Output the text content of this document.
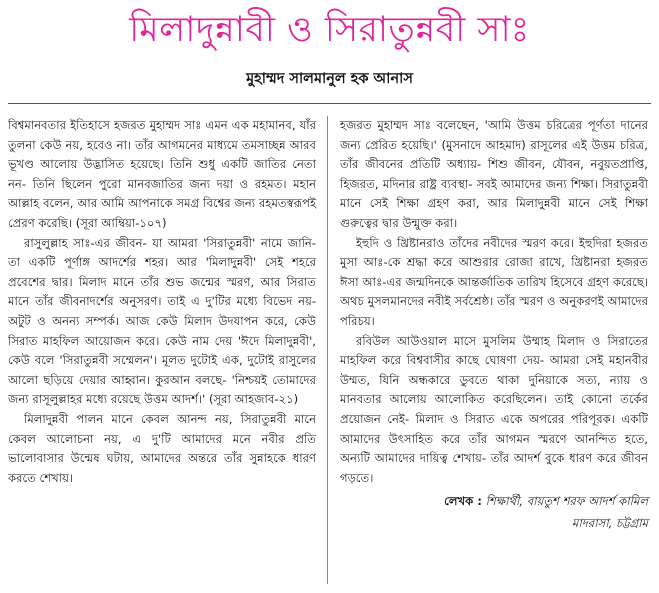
মিলাদুন্নাবী ও সিরাতুন্নবী সাঃ
মুহাম্মদ সালমানুল হক আনাস

বিশ্বমানবতার ইতিহাসে হজরত মুহাম্মদ সাঃ এমন এক মহামানব, যাঁর তুলনা কেউ নয়, হবেও না। তাঁর আগমনের মাধ্যমে তমসাচ্ছন্ন আরব ভূখণ্ড আলোয় উদ্ভাসিত হয়েছে। তিনি শুধু একটি জাতির নেতা নন- তিনি ছিলেন পুরো মানবজাতির জন্য দয়া ও রহমত। মহান আল্লাহ বলেন, আর আমি আপনাকে সমগ্র বিশ্বের জন্য রহমতস্বরূপই প্রেরণ করেছি। (সূরা আম্বিয়া-১০৭)

রাসুলুল্লাহ সাঃ-এর জীবন- যা আমরা 'সিরাতুন্নবী' নামে জানি- তা একটি পূর্ণাঙ্গ আদর্শের শহর। আর 'মিলাদুন্নবী' সেই শহরে প্রবেশের দ্বার। মিলাদ মানে তাঁর শুভ জন্মের স্মরণ, আর সিরাত মানে তাঁর জীবনাদর্শের অনুসরণ। তাই এ দু'টির মধ্যে বিভেদ নয়- অটুট ও অনন্য সম্পর্ক। আজ কেউ মিলাদ উদযাপন করে, কেউ সিরাত মাহফিল আয়োজন করে। কেউ নাম দেয় 'ঈদে মিলাদুন্নবী', কেউ বলে 'সিরাতুন্নবী সম্মেলন'। মূলত দুটোই এক, দুটোই রাসুলের আলো ছড়িয়ে দেয়ার আহ্বান। কুরআন বলছে- 'নিশ্চয়ই তোমাদের জন্য রাসূলুল্লাহর মধ্যে রয়েছে উত্তম আদর্শ।' (সূরা আহজাব-২১)

মিলাদুন্নবী পালন মানে কেবল আনন্দ নয়, সিরাতুন্নবী মানে কেবল আলোচনা নয়, এ দু'টি আমাদের মনে নবীর প্রতি ভালোবাসার উন্মেষ ঘটায়, আমাদের অন্তরে তাঁর সুন্নাহকে ধারণ করতে শেখায়।

হজরত মুহাম্মদ সাঃ বলেছেন, 'আমি উত্তম চরিত্রের পূর্ণতা দানের জন্য প্রেরিত হয়েছি।' (মুসনাদে আহমাদ) রাসূলের এই উত্তম চরিত্র, তাঁর জীবনের প্রতিটি অধ্যায়- শিশু জীবন, যৌবন, নবুয়তপ্রাপ্তি, হিজরত, মদিনার রাষ্ট্র ব্যবস্থা- সবই আমাদের জন্য শিক্ষা। সিরাতুন্নবী মানে সেই শিক্ষা গ্রহণ করা, আর মিলাদুন্নবী মানে সেই শিক্ষা গুরুত্বের দ্বার উন্মুক্ত করা।

ইহুদি ও খ্রিষ্টানরাও তাঁদের নবীদের স্মরণ করে। ইহুদিরা হজরত মুসা আঃ-কে শ্রদ্ধা করে আশুরার রোজা রাখে, খ্রিষ্টানরা হজরত ঈসা আঃ-এর জন্মদিনকে আন্তর্জাতিক তারিখ হিসেবে গ্রহণ করেছে। অথচ মুসলমানদের নবীই সর্বশ্রেষ্ঠ। তাঁর স্মরণ ও অনুকরণই আমাদের পরিচয়।

রবিউল আউওয়াল মাসে মুসলিম উম্মাহ মিলাদ ও সিরাতের মাহফিল করে বিশ্ববাসীর কাছে ঘোষণা দেয়- আমরা সেই মহানবীর উম্মত, যিনি অন্ধকারে ডুবতে থাকা দুনিয়াকে সত্য, ন্যায় ও মানবতার আলোয় আলোকিত করেছিলেন। তাই কোনো তর্কের প্রয়োজন নেই- মিলাদ ও সিরাত একে অপরের পরিপূরক। একটি আমাদের উৎসাহিত করে তাঁর আগমন স্মরণে আনন্দিত হতে, অন্যটি আমাদের দায়িত্ব শেখায়- তাঁর আদর্শ বুকে ধারণ করে জীবন গড়তে।

লেখক : শিক্ষার্থী, বায়তুশ শরফ আদর্শ কামিল
মাদরাসা, চট্টগ্রাম
